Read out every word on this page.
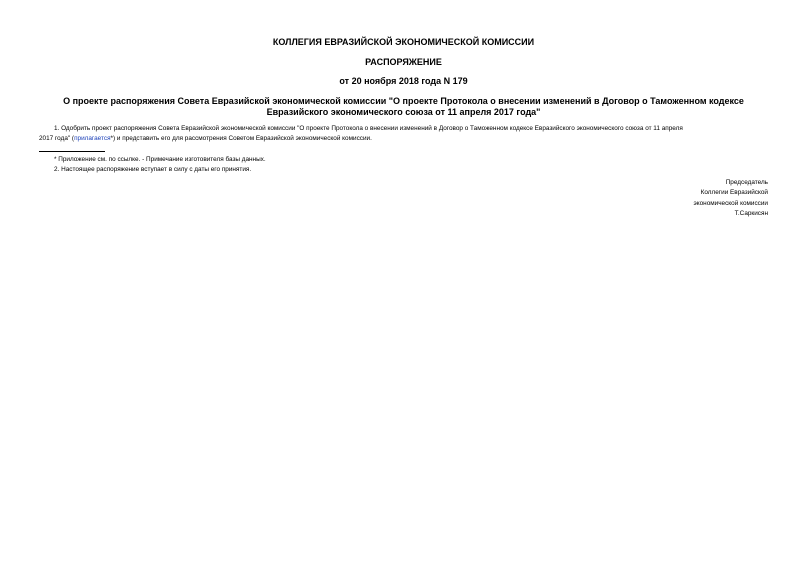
КОЛЛЕГИЯ ЕВРАЗИЙСКОЙ ЭКОНОМИЧЕСКОЙ КОМИССИИ
РАСПОРЯЖЕНИЕ
от 20 ноября 2018 года N 179
О проекте распоряжения Совета Евразийской экономической комиссии "О проекте Протокола о внесении изменений в Договор о Таможенном кодексе
Евразийского экономического союза от 11 апреля 2017 года"
1. Одобрить проект распоряжения Совета Евразийской экономической комиссии "О проекте Протокола о внесении изменений в Договор о Таможенном кодексе Евразийского экономического союза от 11 апреля
2017 года" (прилагается*) и представить его для рассмотрения Советом Евразийской экономической комиссии.
* Приложение см. по ссылке. - Примечание изготовителя базы данных.
2. Настоящее распоряжение вступает в силу с даты его принятия.
Председатель
Коллегии Евразийской
экономической комиссии
Т.Саркисян
